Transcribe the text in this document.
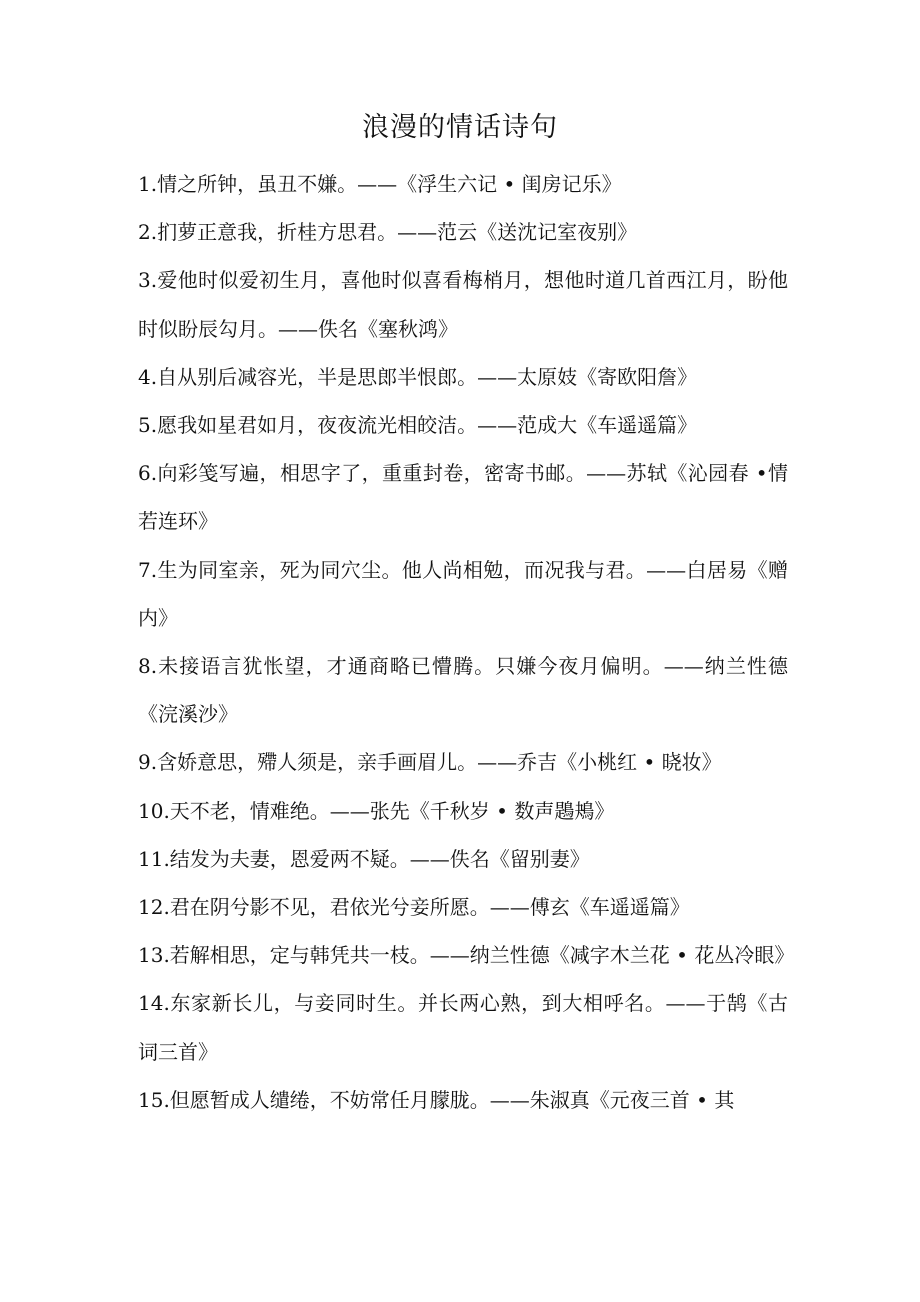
浪漫的情话诗句
1.情之所钟，虽丑不嫌。——《浮生六记 • 闺房记乐》
2.扪萝正意我，折桂方思君。——范云《送沈记室夜别》
3.爱他时似爱初生月，喜他时似喜看梅梢月，想他时道几首西江月，盼他时似盼辰勾月。——佚名《塞秋鸿》
4.自从别后减容光，半是思郎半恨郎。——太原妓《寄欧阳詹》
5.愿我如星君如月，夜夜流光相皎洁。——范成大《车遥遥篇》
6.向彩笺写遍，相思字了，重重封卷，密寄书邮。——苏轼《沁园春 •情若连环》
7.生为同室亲，死为同穴尘。他人尚相勉，而况我与君。——白居易《赠内》
8.未接语言犹怅望，才通商略已懵腾。只嫌今夜月偏明。——纳兰性德《浣溪沙》
9.含娇意思，殢人须是，亲手画眉儿。——乔吉《小桃红 • 晓妆》
10.天不老，情难绝。——张先《千秋岁 • 数声鶗鴂》
11.结发为夫妻，恩爱两不疑。——佚名《留别妻》
12.君在阴兮影不见，君依光兮妾所愿。——傅玄《车遥遥篇》
13.若解相思，定与韩凭共一枝。——纳兰性德《减字木兰花 • 花丛冷眼》
14.东家新长儿，与妾同时生。并长两心熟，到大相呼名。——于鹄《古词三首》
15.但愿暂成人缱绻，不妨常任月朦胧。——朱淑真《元夜三首 • 其
